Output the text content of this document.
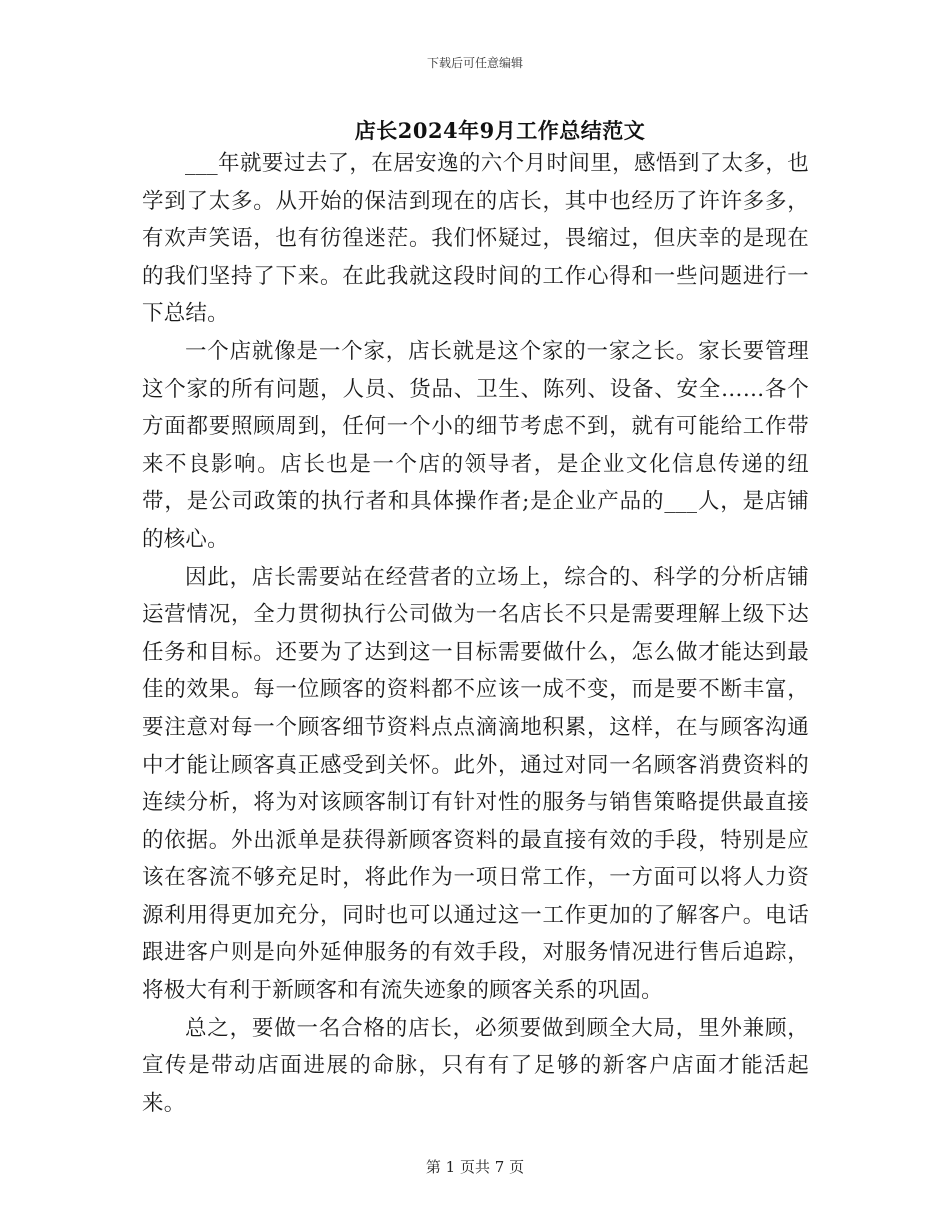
下载后可任意编辑
店长2024年9月工作总结范文

___年就要过去了，在居安逸的六个月时间里，感悟到了太多，也学到了太多。从开始的保洁到现在的店长，其中也经历了许许多多，有欢声笑语，也有彷徨迷茫。我们怀疑过，畏缩过，但庆幸的是现在的我们坚持了下来。在此我就这段时间的工作心得和一些问题进行一下总结。

一个店就像是一个家，店长就是这个家的一家之长。家长要管理这个家的所有问题，人员、货品、卫生、陈列、设备、安全……各个方面都要照顾周到，任何一个小的细节考虑不到，就有可能给工作带来不良影响。店长也是一个店的领导者，是企业文化信息传递的纽带，是公司政策的执行者和具体操作者;是企业产品的___人，是店铺的核心。

因此，店长需要站在经营者的立场上，综合的、科学的分析店铺运营情况，全力贯彻执行公司做为一名店长不只是需要理解上级下达任务和目标。还要为了达到这一目标需要做什么，怎么做才能达到最佳的效果。每一位顾客的资料都不应该一成不变，而是要不断丰富，要注意对每一个顾客细节资料点点滴滴地积累，这样，在与顾客沟通中才能让顾客真正感受到关怀。此外，通过对同一名顾客消费资料的连续分析，将为对该顾客制订有针对性的服务与销售策略提供最直接的依据。外出派单是获得新顾客资料的最直接有效的手段，特别是应该在客流不够充足时，将此作为一项日常工作，一方面可以将人力资源利用得更加充分，同时也可以通过这一工作更加的了解客户。电话跟进客户则是向外延伸服务的有效手段，对服务情况进行售后追踪，将极大有利于新顾客和有流失迹象的顾客关系的巩固。

总之，要做一名合格的店长，必须要做到顾全大局，里外兼顾，宣传是带动店面进展的命脉，只有有了足够的新客户店面才能活起来。

第 1 页共 7 页
